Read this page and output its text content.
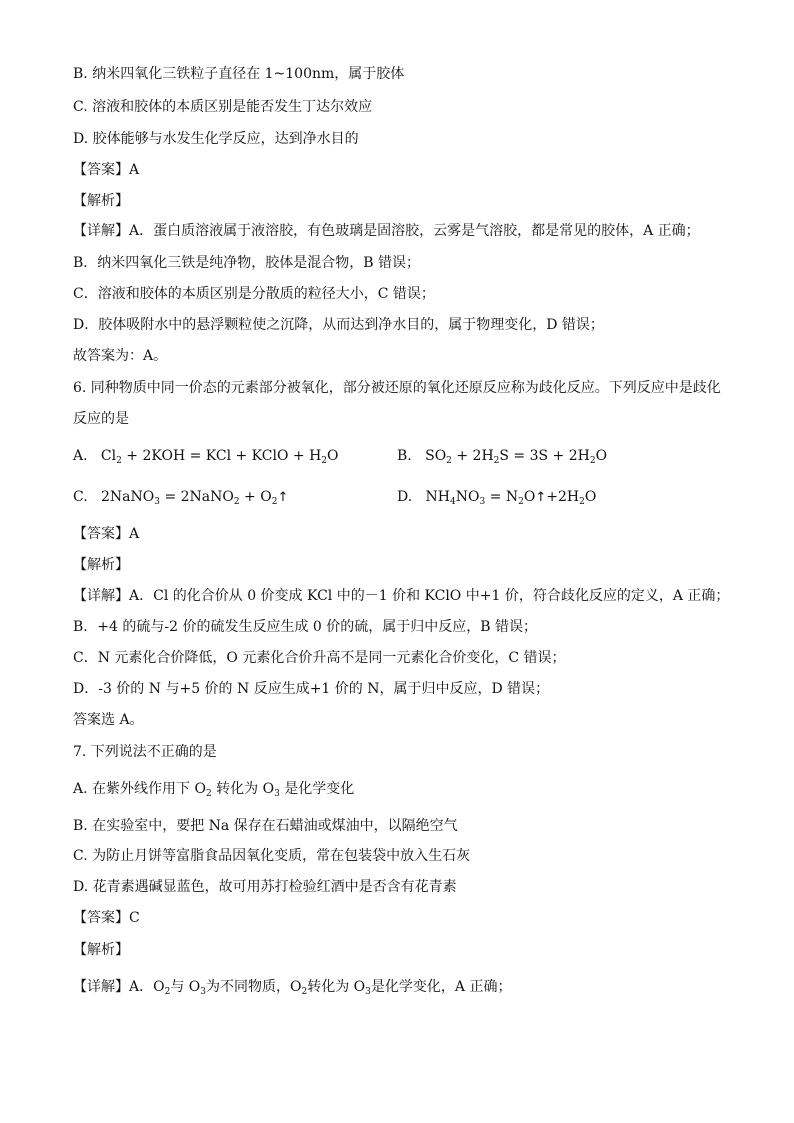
B. 纳米四氧化三铁粒子直径在 1~100nm，属于胶体
C. 溶液和胶体的本质区别是能否发生丁达尔效应
D. 胶体能够与水发生化学反应，达到净水目的
【答案】A
【解析】
【详解】A．蛋白质溶液属于液溶胶，有色玻璃是固溶胶，云雾是气溶胶，都是常见的胶体，A 正确；
B．纳米四氧化三铁是纯净物，胶体是混合物，B 错误；
C．溶液和胶体的本质区别是分散质的粒径大小，C 错误；
D．胶体吸附水中的悬浮颗粒使之沉降，从而达到净水目的，属于物理变化，D 错误；
故答案为：A。
6. 同种物质中同一价态的元素部分被氧化，部分被还原的氧化还原反应称为歧化反应。下列反应中是歧化
反应的是
A.   $Cl_2 + 2KOH$ = KCl + KClO + $H_2O$	B.   $SO_2 + 2H_2S = 3S + 2H_2O$
C.   2NaNO$_3$ = 2NaNO$_2$ + $O_2↑$	D.   $NH_4NO_3$ = $N_2O↑+2H_2O$
【答案】A
【解析】
【详解】A．Cl 的化合价从 0 价变成 KCl 中的－1 价和 KClO 中+1 价，符合歧化反应的定义，A 正确；
B．+4 的硫与-2 价的硫发生反应生成 0 价的硫，属于归中反应，B 错误；
C．N 元素化合价降低，O 元素化合价升高不是同一元素化合价变化，C 错误；
D．-3 价的 N 与+5 价的 N 反应生成+1 价的 N，属于归中反应，D 错误；
答案选 A。
7. 下列说法不正确的是
A. 在紫外线作用下 $O_2$ 转化为 $O_3$ 是化学变化
B. 在实验室中，要把 Na 保存在石蜡油或煤油中，以隔绝空气
C. 为防止月饼等富脂食品因氧化变质，常在包装袋中放入生石灰
D. 花青素遇碱显蓝色，故可用苏打检验红酒中是否含有花青素
【答案】C
【解析】
【详解】A．$O_2$与 $O_3$为不同物质，$O_2$转化为 $O_3$是化学变化，A 正确；
